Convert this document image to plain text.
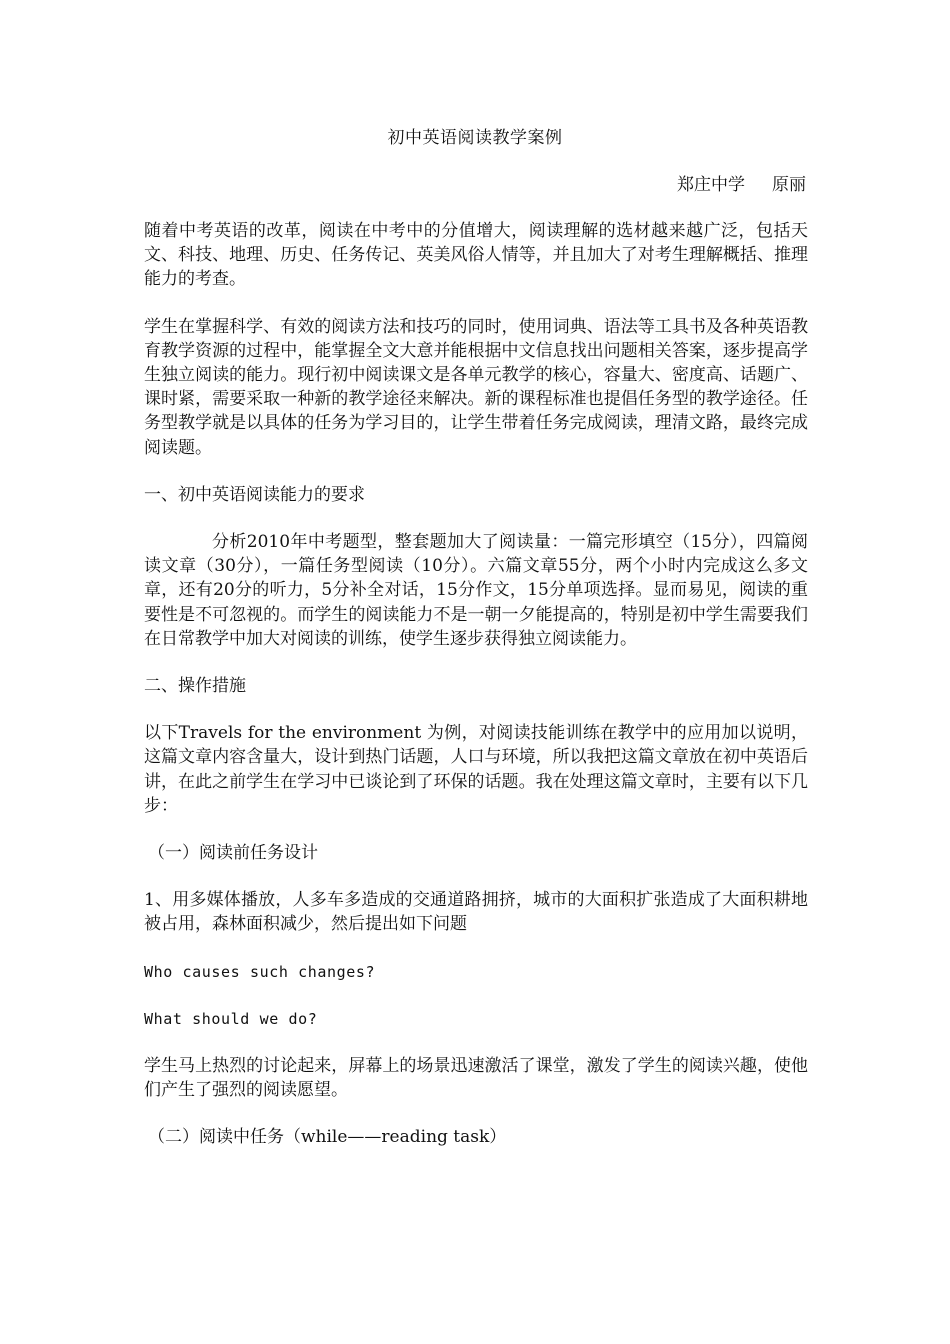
初中英语阅读教学案例
郑庄中学     原丽

随着中考英语的改革，阅读在中考中的分值增大，阅读理解的选材越来越广泛，包括天文、科技、地理、历史、任务传记、英美风俗人情等，并且加大了对考生理解概括、推理能力的考查。

学生在掌握科学、有效的阅读方法和技巧的同时，使用词典、语法等工具书及各种英语教育教学资源的过程中，能掌握全文大意并能根据中文信息找出问题相关答案，逐步提高学生独立阅读的能力。现行初中阅读课文是各单元教学的核心，容量大、密度高、话题广、课时紧，需要采取一种新的教学途径来解决。新的课程标准也提倡任务型的教学途径。任务型教学就是以具体的任务为学习目的，让学生带着任务完成阅读，理清文路，最终完成阅读题。

一、初中英语阅读能力的要求

分析2010年中考题型，整套题加大了阅读量：一篇完形填空（15分），四篇阅读文章（30分），一篇任务型阅读（10分）。六篇文章55分，两个小时内完成这么多文章，还有20分的听力，5分补全对话，15分作文，15分单项选择。显而易见，阅读的重要性是不可忽视的。而学生的阅读能力不是一朝一夕能提高的，特别是初中学生需要我们在日常教学中加大对阅读的训练，使学生逐步获得独立阅读能力。

二、操作措施

以下Travels for the environment 为例，对阅读技能训练在教学中的应用加以说明，这篇文章内容含量大，设计到热门话题，人口与环境，所以我把这篇文章放在初中英语后讲，在此之前学生在学习中已谈论到了环保的话题。我在处理这篇文章时，主要有以下几步：

（一）阅读前任务设计

1、用多媒体播放，人多车多造成的交通道路拥挤，城市的大面积扩张造成了大面积耕地被占用，森林面积减少，然后提出如下问题

Who causes such changes?

What should we do?

学生马上热烈的讨论起来，屏幕上的场景迅速激活了课堂，激发了学生的阅读兴趣，使他们产生了强烈的阅读愿望。

（二）阅读中任务（while——reading task）
